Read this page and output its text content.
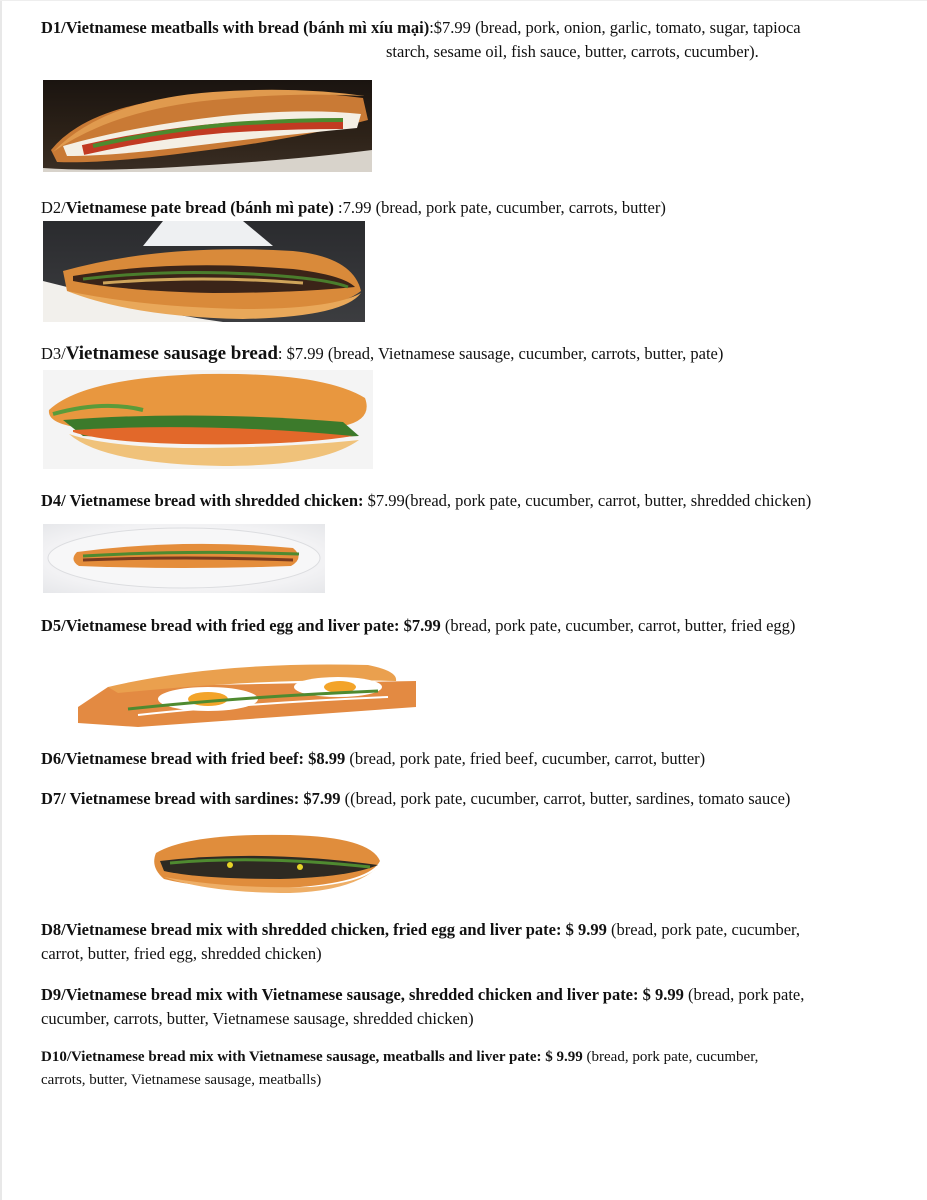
D1/Vietnamese meatballs with bread (bánh mì xíu mại):$7.99 (bread, pork, onion, garlic, tomato, sugar, tapioca
starch, sesame oil, fish sauce, butter, carrots, cucumber).
D2/Vietnamese pate bread (bánh mì pate) :7.99 (bread, pork pate, cucumber, carrots, butter)
D3/Vietnamese sausage bread: $7.99 (bread, Vietnamese sausage, cucumber, carrots, butter, pate)
D4/ Vietnamese bread with shredded chicken: $7.99(bread, pork pate, cucumber, carrot, butter, shredded chicken)
D5/Vietnamese bread with fried egg and liver pate: $7.99 (bread, pork pate, cucumber, carrot, butter, fried egg)
D6/Vietnamese bread with fried beef: $8.99 (bread, pork pate, fried beef, cucumber, carrot, butter)
D7/ Vietnamese bread with sardines: $7.99 ((bread, pork pate, cucumber, carrot, butter, sardines, tomato sauce)
D8/Vietnamese bread mix with shredded chicken, fried egg and liver pate: $ 9.99 (bread, pork pate, cucumber,
carrot, butter, fried egg, shredded chicken)
D9/Vietnamese bread mix with Vietnamese sausage, shredded chicken and liver pate: $ 9.99 (bread, pork pate,
cucumber, carrots, butter, Vietnamese sausage, shredded chicken)
D10/Vietnamese bread mix with Vietnamese sausage, meatballs and liver pate: $ 9.99 (bread, pork pate, cucumber,
carrots, butter, Vietnamese sausage, meatballs)
